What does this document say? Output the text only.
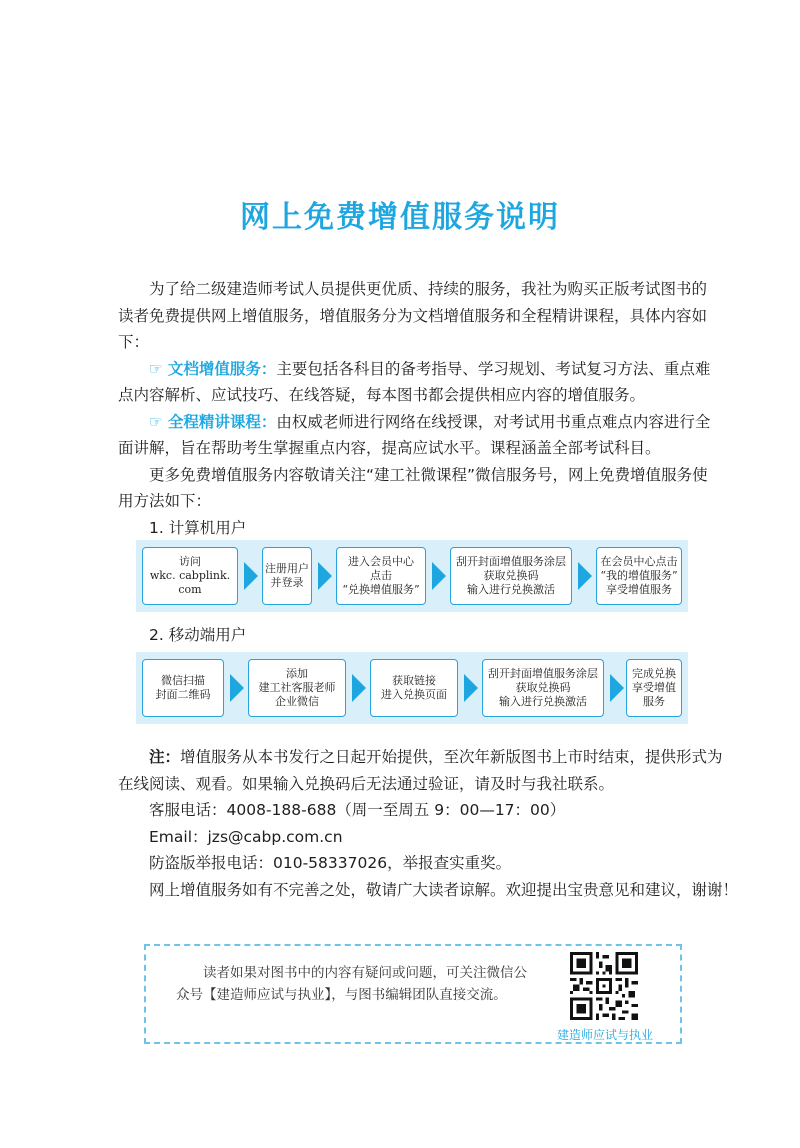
网上免费增值服务说明

为了给二级建造师考试人员提供更优质、持续的服务，我社为购买正版考试图书的读者免费提供网上增值服务，增值服务分为文档增值服务和全程精讲课程，具体内容如下：

☞ 文档增值服务：主要包括各科目的备考指导、学习规划、考试复习方法、重点难点内容解析、应试技巧、在线答疑，每本图书都会提供相应内容的增值服务。

☞ 全程精讲课程：由权威老师进行网络在线授课，对考试用书重点难点内容进行全面讲解，旨在帮助考生掌握重点内容，提高应试水平。课程涵盖全部考试科目。

更多免费增值服务内容敬请关注“建工社微课程”微信服务号，网上免费增值服务使用方法如下：

1. 计算机用户

访问
wkc. cabplink. com
注册用户
并登录
进入会员中心
点击
“兑换增值服务”
刮开封面增值服务涂层
获取兑换码
输入进行兑换激活
在会员中心点击
“我的增值服务”
享受增值服务
2. 移动端用户
微信扫描
封面二维码
添加
建工社客服老师
企业微信
获取链接
进入兑换页面
刮开封面增值服务涂层
获取兑换码
输入进行兑换激活
完成兑换
享受增值服务

注：增值服务从本书发行之日起开始提供，至次年新版图书上市时结束，提供形式为在线阅读、观看。如果输入兑换码后无法通过验证，请及时与我社联系。

客服电话：4008-188-688（周一至周五 9：00—17：00）

Email：jzs@cabp.com.cn

防盗版举报电话：010-58337026，举报查实重奖。

网上增值服务如有不完善之处，敬请广大读者谅解。欢迎提出宝贵意见和建议，谢谢！

读者如果对图书中的内容有疑问或问题，可关注微信公众号【建造师应试与执业】，与图书编辑团队直接交流。
建造师应试与执业
